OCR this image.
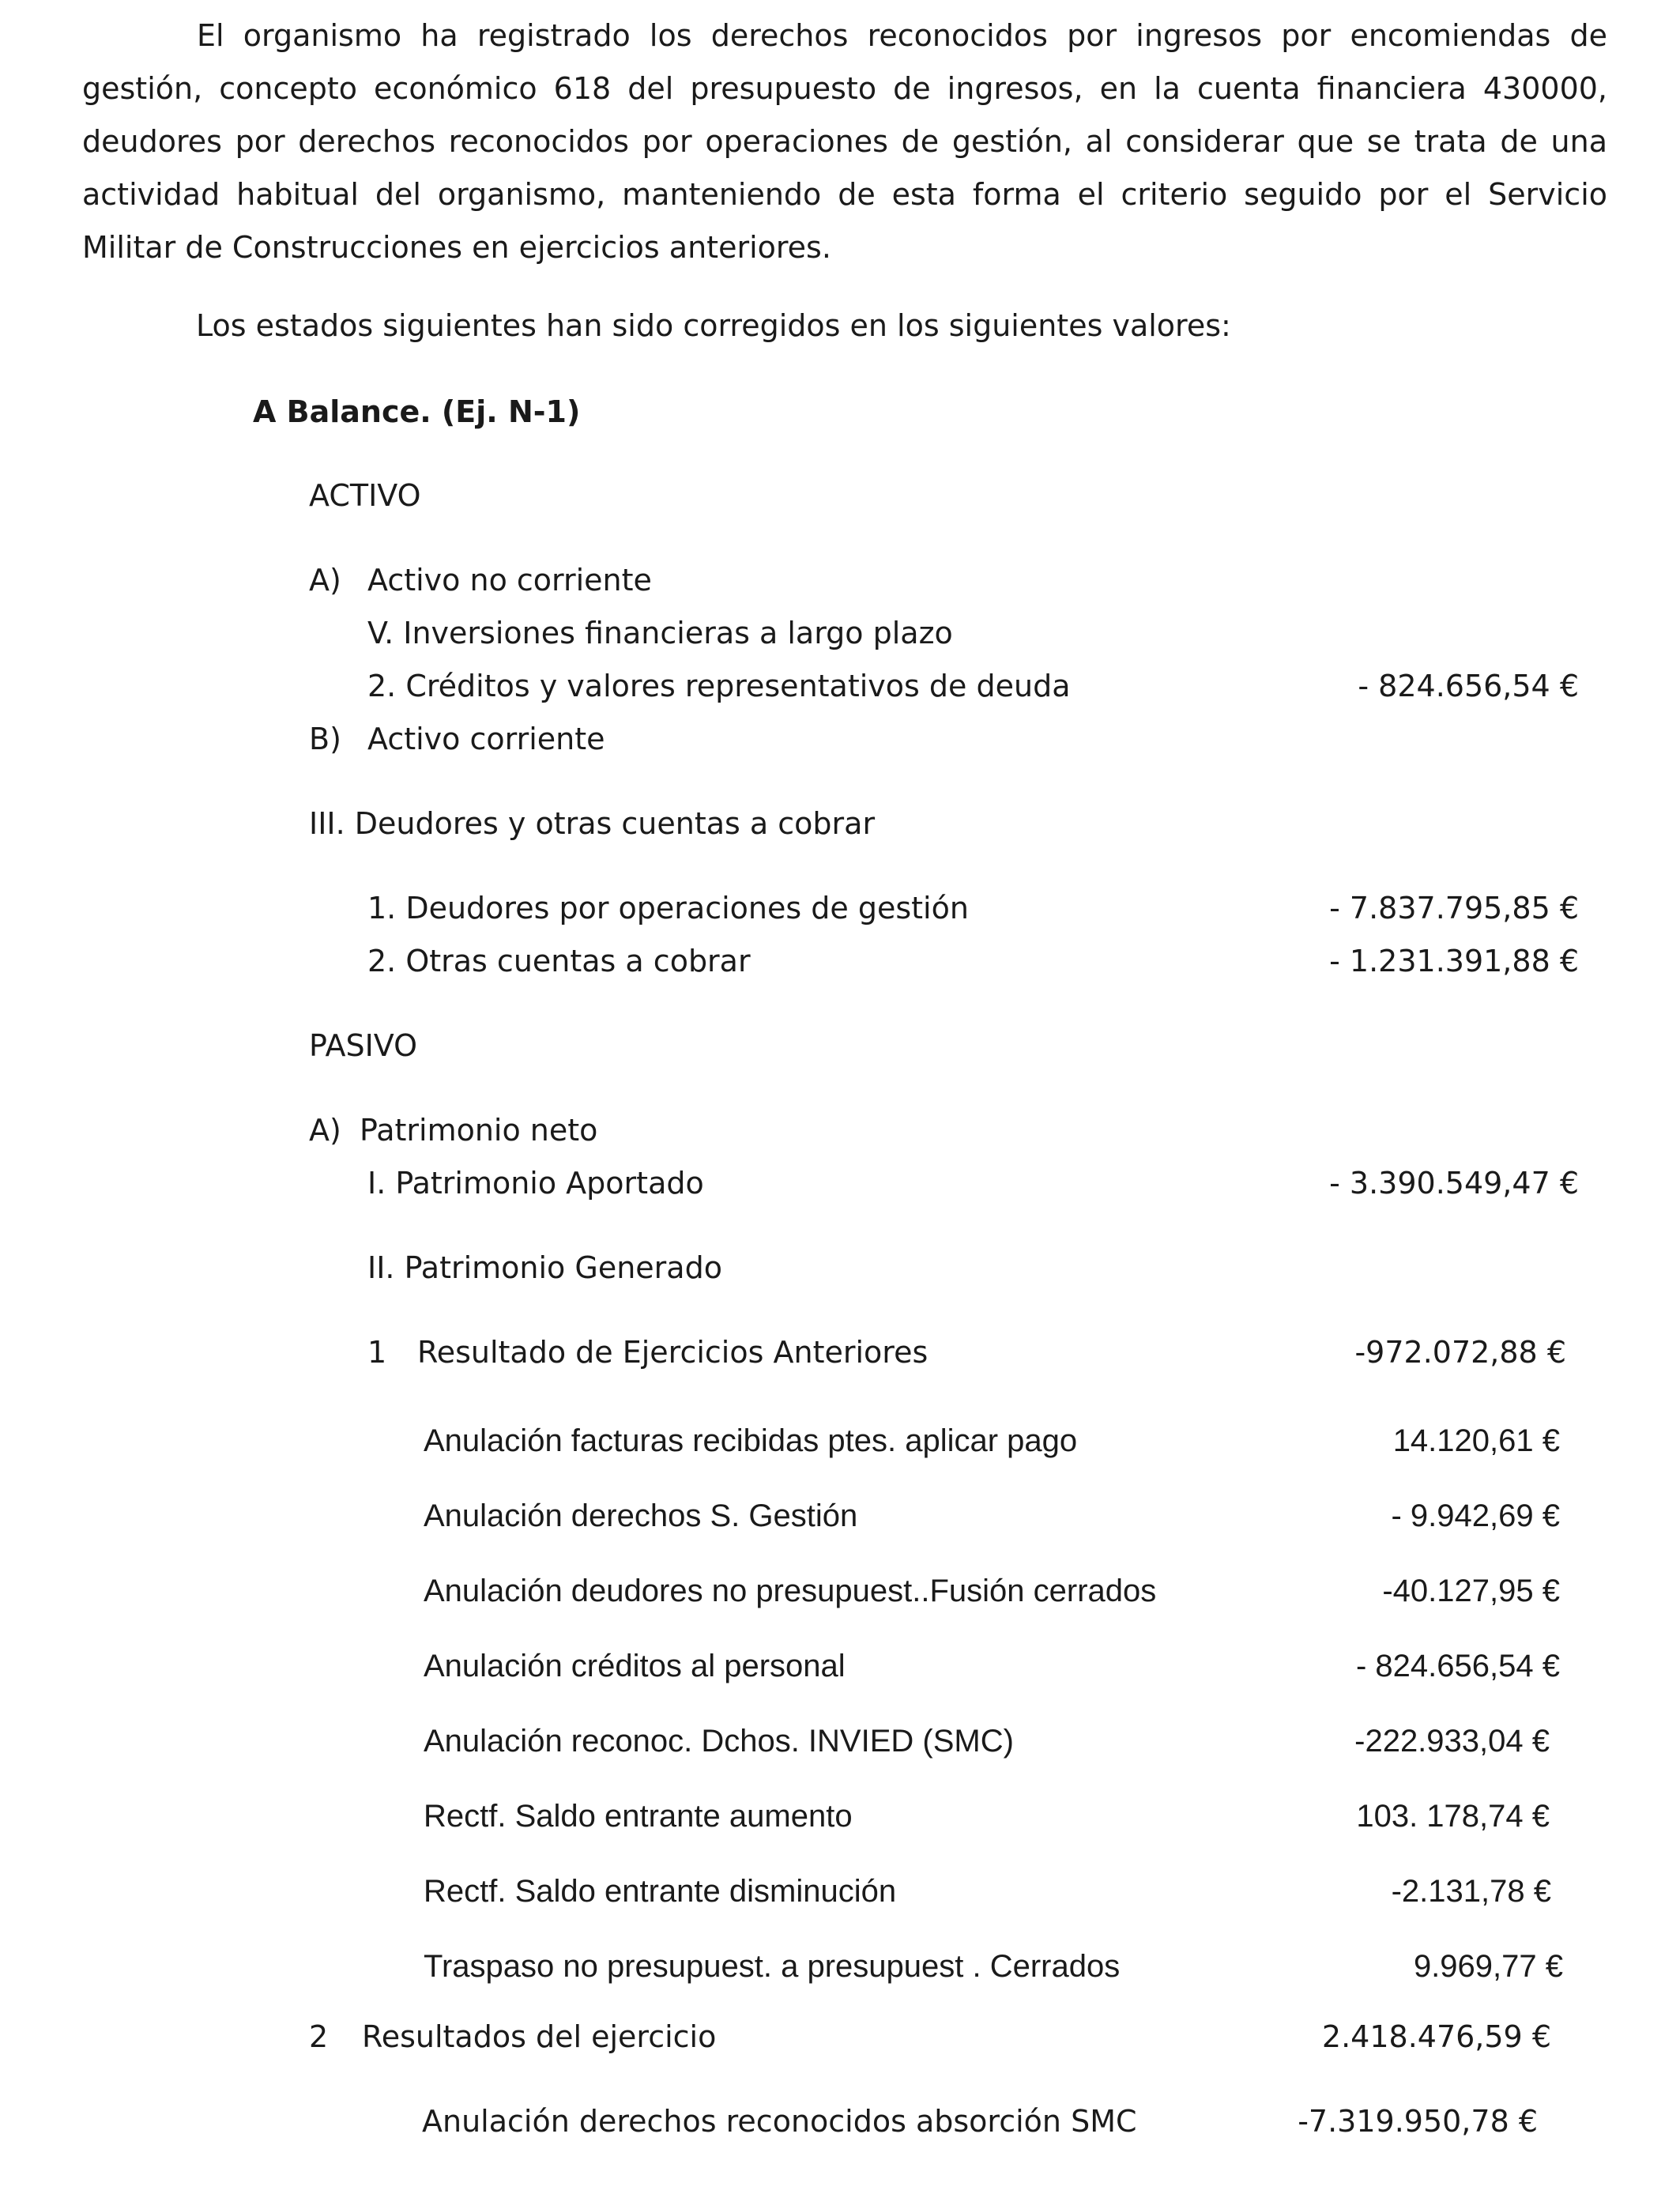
El organismo ha registrado los derechos reconocidos por ingresos por encomiendas de gestión, concepto económico 618 del presupuesto de ingresos, en la cuenta financiera 430000, deudores por derechos reconocidos por operaciones de gestión, al considerar que se trata de una actividad habitual del organismo, manteniendo de esta forma el criterio seguido por el Servicio Militar de Construcciones en ejercicios anteriores.

Los estados siguientes han sido corregidos en los siguientes valores:
A Balance. (Ej. N-1)
ACTIVO
A) Activo no corriente
V. Inversiones financieras a largo plazo
2. Créditos y valores representativos de deuda	- 824.656,54 €
B) Activo corriente
III. Deudores y otras cuentas a cobrar
1. Deudores por operaciones de gestión	- 7.837.795,85 €
2. Otras cuentas a cobrar	- 1.231.391,88 €
PASIVO
A) Patrimonio neto
I. Patrimonio Aportado	- 3.390.549,47 €
II. Patrimonio Generado
1 Resultado de Ejercicios Anteriores	-972.072,88 €
Anulación facturas recibidas ptes. aplicar pago	14.120,61 €
Anulación derechos S. Gestión	- 9.942,69 €
Anulación deudores no presupuest..Fusión cerrados	-40.127,95 €
Anulación créditos al personal	- 824.656,54 €
Anulación reconoc. Dchos. INVIED (SMC)	-222.933,04 €
Rectf. Saldo entrante aumento	103. 178,74 €
Rectf. Saldo entrante disminución	-2.131,78 €
Traspaso no presupuest. a presupuest . Cerrados	9.969,77 €
2 Resultados del ejercicio	2.418.476,59 €
Anulación derechos reconocidos absorción SMC	-7.319.950,78 €
